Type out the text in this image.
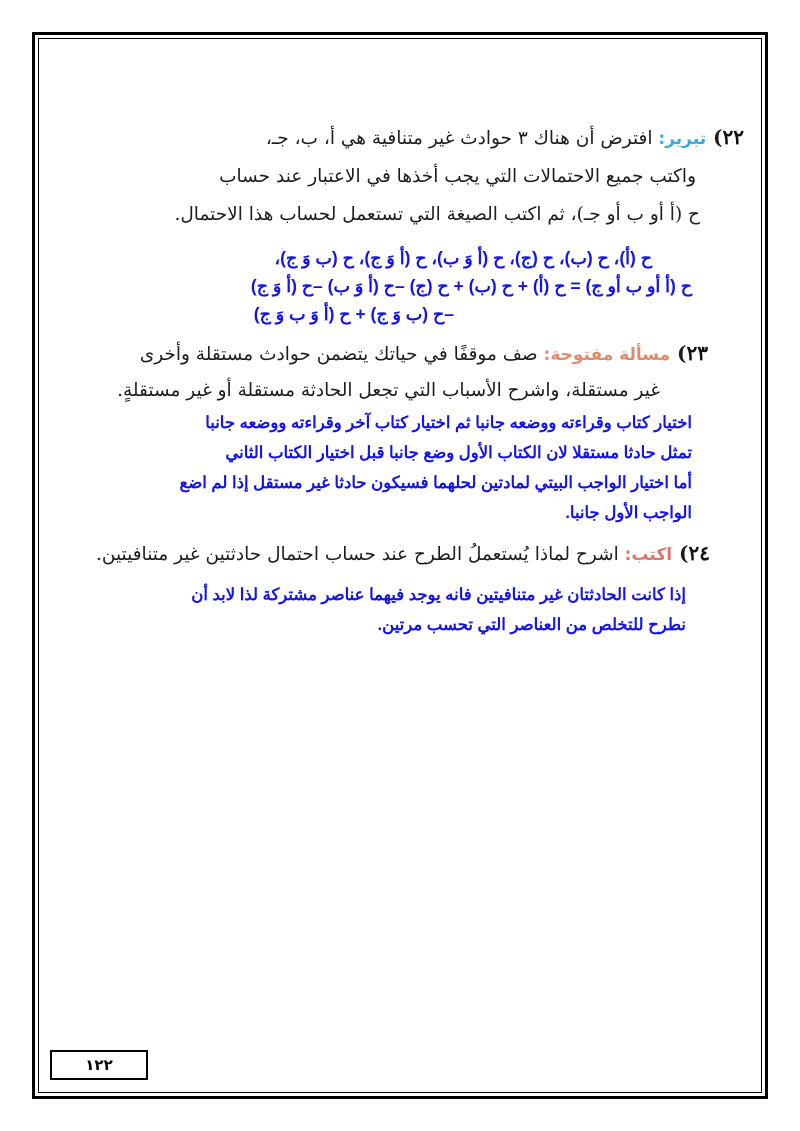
٢٢) تبرير: افترض أن هناك ٣ حوادث غير متنافية هي أ، ب، جـ،
واكتب جميع الاحتمالات التي يجب أخذها في الاعتبار عند حساب
ح (أ أو ب أو جـ)، ثم اكتب الصيغة التي تستعمل لحساب هذا الاحتمال.
ح (أ)، ح (ب)، ح (ج)، ح (أ وَ ب)، ح (أ وَ ج)، ح (ب وَ ج)،
ح (أ أو ب أو ج) = ح (أ) + ح (ب) + ح (ج) –ح (أ وَ ب) –ح (أ وَ ج)
–ح (ب وَ ج) + ح (أ وَ ب وَ ج)
٢٣) مسألة مفتوحة: صف موقفًا في حياتك يتضمن حوادث مستقلة وأخرى
غير مستقلة، واشرح الأسباب التي تجعل الحادثة مستقلة أو غير مستقلةٍ.
اختيار كتاب وقراءته ووضعه جانبا ثم اختيار كتاب آخر وقراءته ووضعه جانبا
تمثل حادثا مستقلا لان الكتاب الأول وضع جانبا قبل اختيار الكتاب الثاني
أما اختيار الواجب البيتي لمادتين لحلهما فسيكون حادثا غير مستقل إذا لم اضع
الواجب الأول جانبا.
٢٤) اكتب: اشرح لماذا يُستعملُ الطرح عند حساب احتمال حادثتين غير متنافيتين.
إذا كانت الحادثتان غير متنافيتين فانه يوجد فيهما عناصر مشتركة لذا لابد أن
نطرح للتخلص من العناصر التي تحسب مرتين.
١٢٢
